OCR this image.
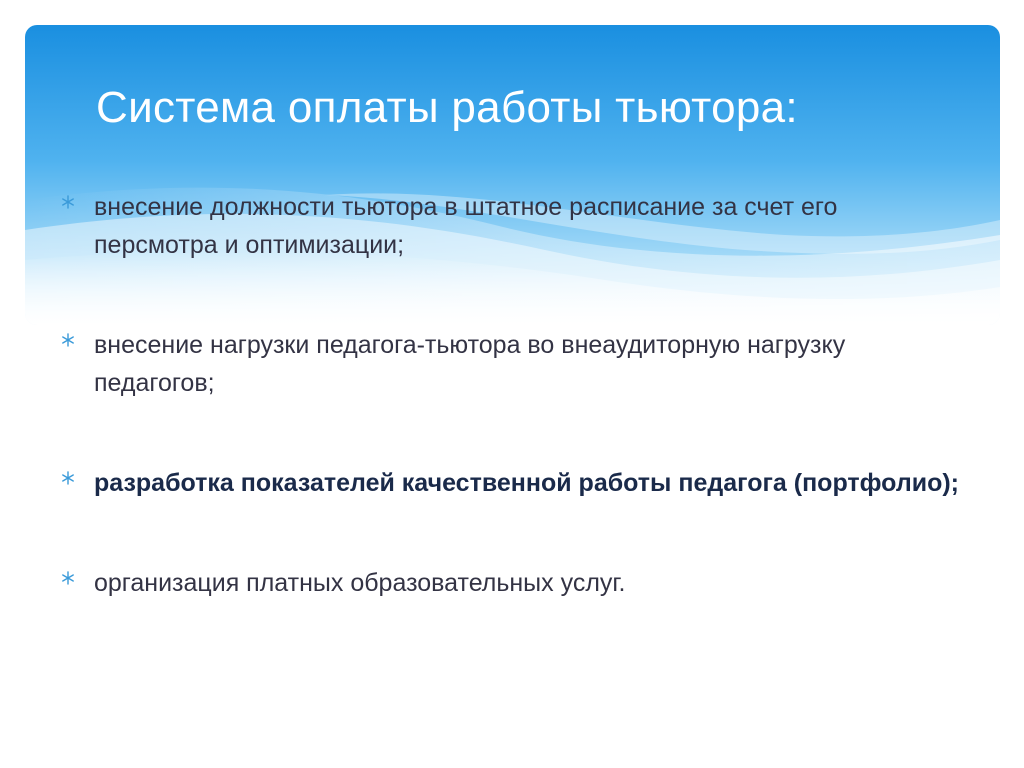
Система оплаты работы тьютора:
внесение должности тьютора в штатное расписание за счет его персмотра и оптимизации;
внесение нагрузки педагога-тьютора во внеаудиторную нагрузку педагогов;
разработка показателей качественной работы педагога (портфолио);
организация платных образовательных услуг.
